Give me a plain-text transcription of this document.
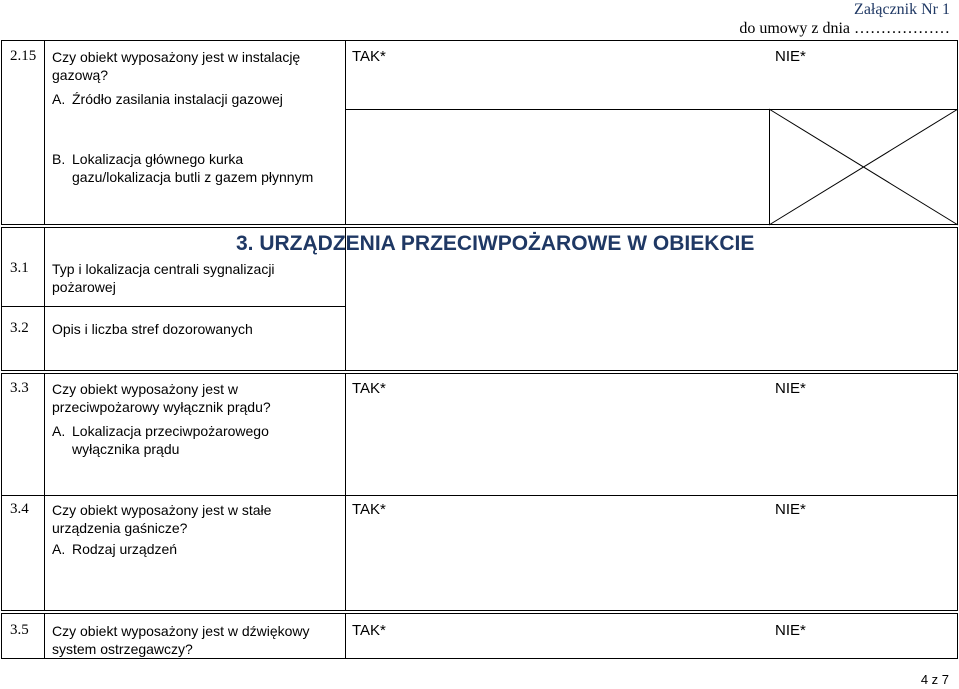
Załącznik Nr 1
do umowy z dnia ………………
2.15 Czy obiekt wyposażony jest w instalację gazową?
A. Źródło zasilania instalacji gazowej
B. Lokalizacja głównego kurka gazu/lokalizacja butli z gazem płynnym
TAK*	NIE*
3. URZĄDZENIA PRZECIWPOŻAROWE W OBIEKCIE
3.1 Typ i lokalizacja centrali sygnalizacji pożarowej
3.2 Opis i liczba stref dozorowanych
3.3 Czy obiekt wyposażony jest w przeciwpożarowy wyłącznik prądu?
A. Lokalizacja przeciwpożarowego wyłącznika prądu
TAK*	NIE*
3.4 Czy obiekt wyposażony jest w stałe urządzenia gaśnicze?
A. Rodzaj urządzeń
TAK*	NIE*
3.5 Czy obiekt wyposażony jest w dźwiękowy system ostrzegawczy?
TAK*	NIE*
4 z 7
